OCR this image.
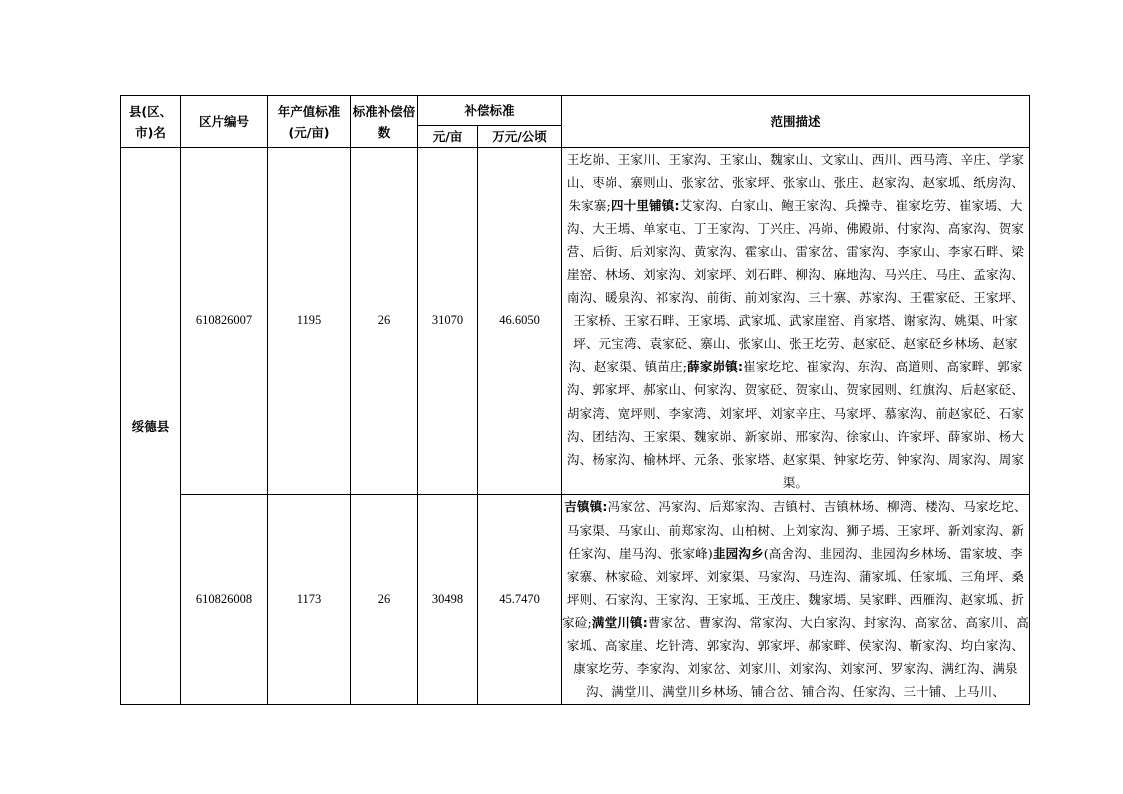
县(区、市)名	区片编号	年产值标准(元/亩)	标准补偿倍数	补偿标准		范围描述
				元/亩	万元/公顷	
绥德县	610826007	1195	26	31070	46.6050	王圪峁、王家川、王家沟、王家山、魏家山、文家山、西川、西马湾、辛庄、学家山、枣峁、寨则山、张家岔、张家坪、张家山、张庄、赵家沟、赵家坬、纸房沟、朱家寨;四十里铺镇:艾家沟、白家山、鲍王家沟、兵操寺、崔家圪劳、崔家墕、大沟、大王墕、单家屯、丁王家沟、丁兴庄、冯峁、佛殿峁、付家沟、高家沟、贺家营、后街、后刘家沟、黄家沟、霍家山、雷家岔、雷家沟、李家山、李家石畔、梁崖窑、林场、刘家沟、刘家坪、刘石畔、柳沟、麻地沟、马兴庄、马庄、孟家沟、南沟、暖泉沟、祁家沟、前街、前刘家沟、三十寨、苏家沟、王霍家砭、王家坪、王家桥、王家石畔、王家墕、武家坬、武家崖窑、肖家塔、谢家沟、姚渠、叶家坪、元宝湾、袁家砭、寨山、张家山、张王圪劳、赵家砭、赵家砭乡林场、赵家沟、赵家渠、镇苗庄;薛家峁镇:崔家圪坨、崔家沟、东沟、高道则、高家畔、郭家沟、郭家坪、郝家山、何家沟、贺家砭、贺家山、贺家园则、红旗沟、后赵家砭、胡家湾、宽坪则、李家湾、刘家坪、刘家辛庄、马家坪、慕家沟、前赵家砭、石家沟、团结沟、王家渠、魏家峁、新家峁、邢家沟、徐家山、许家坪、薛家峁、杨大沟、杨家沟、榆林坪、元条、张家塔、赵家渠、钟家圪劳、钟家沟、周家沟、周家渠。
	610826008	1173	26	30498	45.7470	吉镇镇:冯家岔、冯家沟、后郑家沟、吉镇村、吉镇林场、柳湾、楼沟、马家圪坨、马家渠、马家山、前郑家沟、山柏树、上刘家沟、狮子墕、王家坪、新刘家沟、新任家沟、崖马沟、张家峰)韭园沟乡(高舍沟、韭园沟、韭园沟乡林场、雷家坡、李家寨、林家硷、刘家坪、刘家渠、马家沟、马连沟、蒲家坬、任家坬、三角坪、桑坪则、石家沟、王家沟、王家坬、王茂庄、魏家墕、吴家畔、西雁沟、赵家坬、折家硷;满堂川镇:曹家岔、曹家沟、常家沟、大白家沟、封家沟、高家岔、高家川、高家坬、高家崖、圪针湾、郭家沟、郭家坪、郝家畔、侯家沟、靳家沟、均白家沟、康家圪劳、李家沟、刘家岔、刘家川、刘家沟、刘家河、罗家沟、满红沟、满泉沟、满堂川、满堂川乡林场、铺合岔、铺合沟、任家沟、三十铺、上马川、
